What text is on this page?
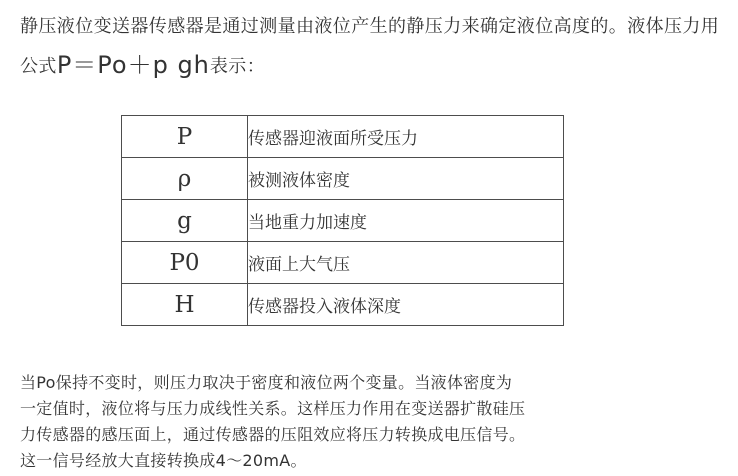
静压液位变送器传感器是通过测量由液位产生的静压力来确定液位高度的。液体压力用公式P＝Po＋p gh表示：
P	传感器迎液面所受压力
ρ	被测液体密度
g	当地重力加速度
P0	液面上大气压
H	传感器投入液体深度

当Po保持不变时，则压力取决于密度和液位两个变量。当液体密度为

一定值时，液位将与压力成线性关系。这样压力作用在变送器扩散硅压

力传感器的感压面上，通过传感器的压阻效应将压力转换成电压信号。

这一信号经放大直接转换成4～20mA。
